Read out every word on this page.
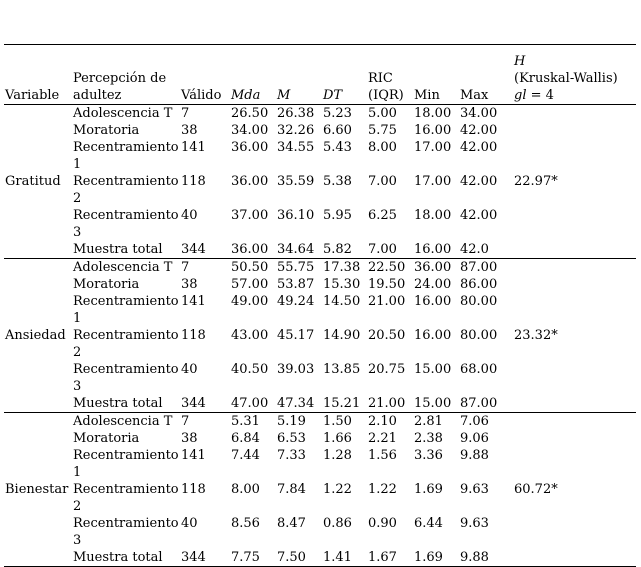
Variable	Percepción de adultez	Válido	Mda	M	DT	RIC (IQR)	Min	Max	H
(Kruskal-Wallis)
gl = 4
Gratitud	Adolescencia T	7	26.50	26.38	5.23	5.00	18.00	34.00	22.97*
	Moratoria	38	34.00	32.26	6.60	5.75	16.00	42.00	
	Recentramiento 1	141	36.00	34.55	5.43	8.00	17.00	42.00	
	Recentramiento 2	118	36.00	35.59	5.38	7.00	17.00	42.00	
	Recentramiento 3	40	37.00	36.10	5.95	6.25	18.00	42.00	
	Muestra total	344	36.00	34.64	5.82	7.00	16.00	42.0	
Ansiedad	Adolescencia T	7	50.50	55.75	17.38	22.50	36.00	87.00	23.32*
	Moratoria	38	57.00	53.87	15.30	19.50	24.00	86.00	
	Recentramiento 1	141	49.00	49.24	14.50	21.00	16.00	80.00	
	Recentramiento 2	118	43.00	45.17	14.90	20.50	16.00	80.00	
	Recentramiento 3	40	40.50	39.03	13.85	20.75	15.00	68.00	
	Muestra total	344	47.00	47.34	15.21	21.00	15.00	87.00	
Bienestar	Adolescencia T	7	5.31	5.19	1.50	2.10	2.81	7.06	60.72*
	Moratoria	38	6.84	6.53	1.66	2.21	2.38	9.06	
	Recentramiento 1	141	7.44	7.33	1.28	1.56	3.36	9.88	
	Recentramiento 2	118	8.00	7.84	1.22	1.22	1.69	9.63	
	Recentramiento 3	40	8.56	8.47	0.86	0.90	6.44	9.63	
	Muestra total	344	7.75	7.50	1.41	1.67	1.69	9.88	
